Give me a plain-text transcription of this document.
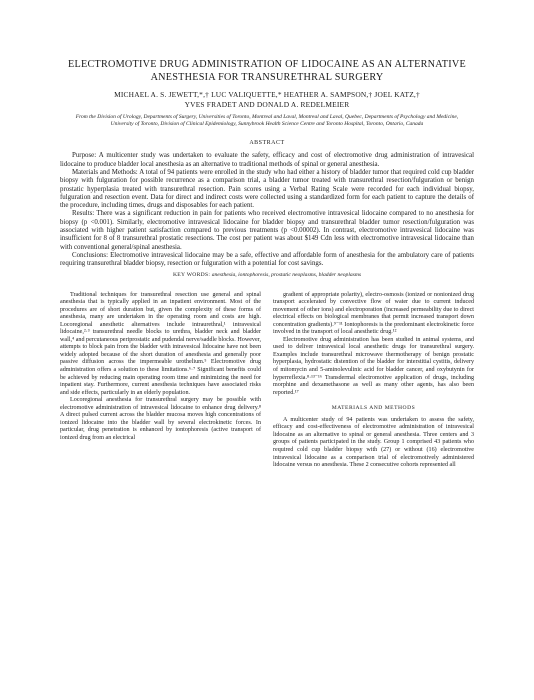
ELECTROMOTIVE DRUG ADMINISTRATION OF LIDOCAINE AS AN ALTERNATIVE ANESTHESIA FOR TRANSURETHRAL SURGERY
MICHAEL A. S. JEWETT,*,† LUC VALIQUETTE,* HEATHER A. SAMPSON,† JOEL KATZ,†
YVES FRADET AND DONALD A. REDELMEIER
From the Division of Urology, Departments of Surgery, Universities of Toronto, Montreal and Laval, Montreal and Laval, Quebec, Departments of Psychology and Medicine, University of Toronto, Division of Clinical Epidemiology, Sunnybrook Health Science Centre and Toronto Hospital, Toronto, Ontario, Canada
ABSTRACT

Purpose: A multicenter study was undertaken to evaluate the safety, efficacy and cost of electromotive drug administration of intravesical lidocaine to produce bladder local anesthesia as an alternative to traditional methods of spinal or general anesthesia.

Materials and Methods: A total of 94 patients were enrolled in the study who had either a history of bladder tumor that required cold cup bladder biopsy with fulguration for possible recurrence as a comparison trial, a bladder tumor treated with transurethral resection/fulguration or benign prostatic hyperplasia treated with transurethral resection. Pain scores using a Verbal Rating Scale were recorded for each individual biopsy, fulguration and resection event. Data for direct and indirect costs were collected using a standardized form for each patient to capture the details of the procedure, including times, drugs and disposables for each patient.

Results: There was a significant reduction in pain for patients who received electromotive intravesical lidocaine compared to no anesthesia for biopsy (p <0.001). Similarly, electromotive intravesical lidocaine for bladder biopsy and transurethral bladder tumor resection/fulguration was associated with higher patient satisfaction compared to previous treatments (p <0.00002). In contrast, electromotive intravesical lidocaine was insufficient for 8 of 8 transurethral prostatic resections. The cost per patient was about $149 Cdn less with electromotive intravesical lidocaine than with conventional general/spinal anesthesia.

Conclusions: Electromotive intravesical lidocaine may be a safe, effective and affordable form of anesthesia for the ambulatory care of patients requiring transurethral bladder biopsy, resection or fulguration with a potential for cost savings.

KEY WORDS: anesthesia, iontophoresis, prostatic neoplasms, bladder neoplasms

Traditional techniques for transurethral resection use general and spinal anesthesia that is typically applied in an inpatient environment. Most of the procedures are of short duration but, given the complexity of these forms of anesthesia, many are undertaken in the operating room and costs are high. Locoregional anesthetic alternatives include intraurethral,¹ intravesical lidocaine,²·³ transurethral needle blocks to urethra, bladder neck and bladder wall,⁴ and percutaneous periprostatic and pudendal nerve/saddle blocks. However, attempts to block pain from the bladder with intravesical lidocaine have not been widely adopted because of the short duration of anesthesia and generally poor passive diffusion across the impermeable urothelium.⁵ Electromotive drug administration offers a solution to these limitations.⁶·⁷ Significant benefits could be achieved by reducing main operating room time and minimizing the need for inpatient stay. Furthermore, current anesthesia techniques have associated risks and side effects, particularly in an elderly population.

Locoregional anesthesia for transurethral surgery may be possible with electromotive administration of intravesical lidocaine to enhance drug delivery.⁸ A direct pulsed current across the bladder mucosa moves high concentrations of ionized lidocaine into the bladder wall by several electrokinetic forces. In particular, drug penetration is enhanced by iontophoresis (active transport of ionized drug from an electrical

gradient of appropriate polarity), electro-osmosis (ionized or nonionized drug transport accelerated by convective flow of water due to current induced movement of other ions) and electroporation (increased permeability due to direct electrical effects on biological membranes that permit increased transport down concentration gradients).⁹⁻¹¹ Iontophoresis is the predominant electrokinetic force involved in the transport of local anesthetic drug.¹²

Electromotive drug administration has been studied in animal systems, and used to deliver intravesical local anesthetic drugs for transurethral surgery. Examples include transurethral microwave thermotherapy of benign prostatic hyperplasia, hydrostatic distention of the bladder for interstitial cystitis, delivery of mitomycin and 5-aminolevulinic acid for bladder cancer, and oxybutynin for hyperreflexia.⁸·¹³⁻¹⁶ Transdermal electromotive application of drugs, including morphine and dexamethasone as well as many other agents, has also been reported.¹⁷

MATERIALS AND METHODS

A multicenter study of 94 patients was undertaken to assess the safety, efficacy and cost-effectiveness of electromotive administration of intravesical lidocaine as an alternative to spinal or general anesthesia. Three centers and 3 groups of patients participated in the study. Group 1 comprised 43 patients who required cold cup bladder biopsy with (27) or without (16) electromotive intravesical lidocaine as a comparison trial of electromotively administered lidocaine versus no anesthesia. These 2 consecutive cohorts represented all
